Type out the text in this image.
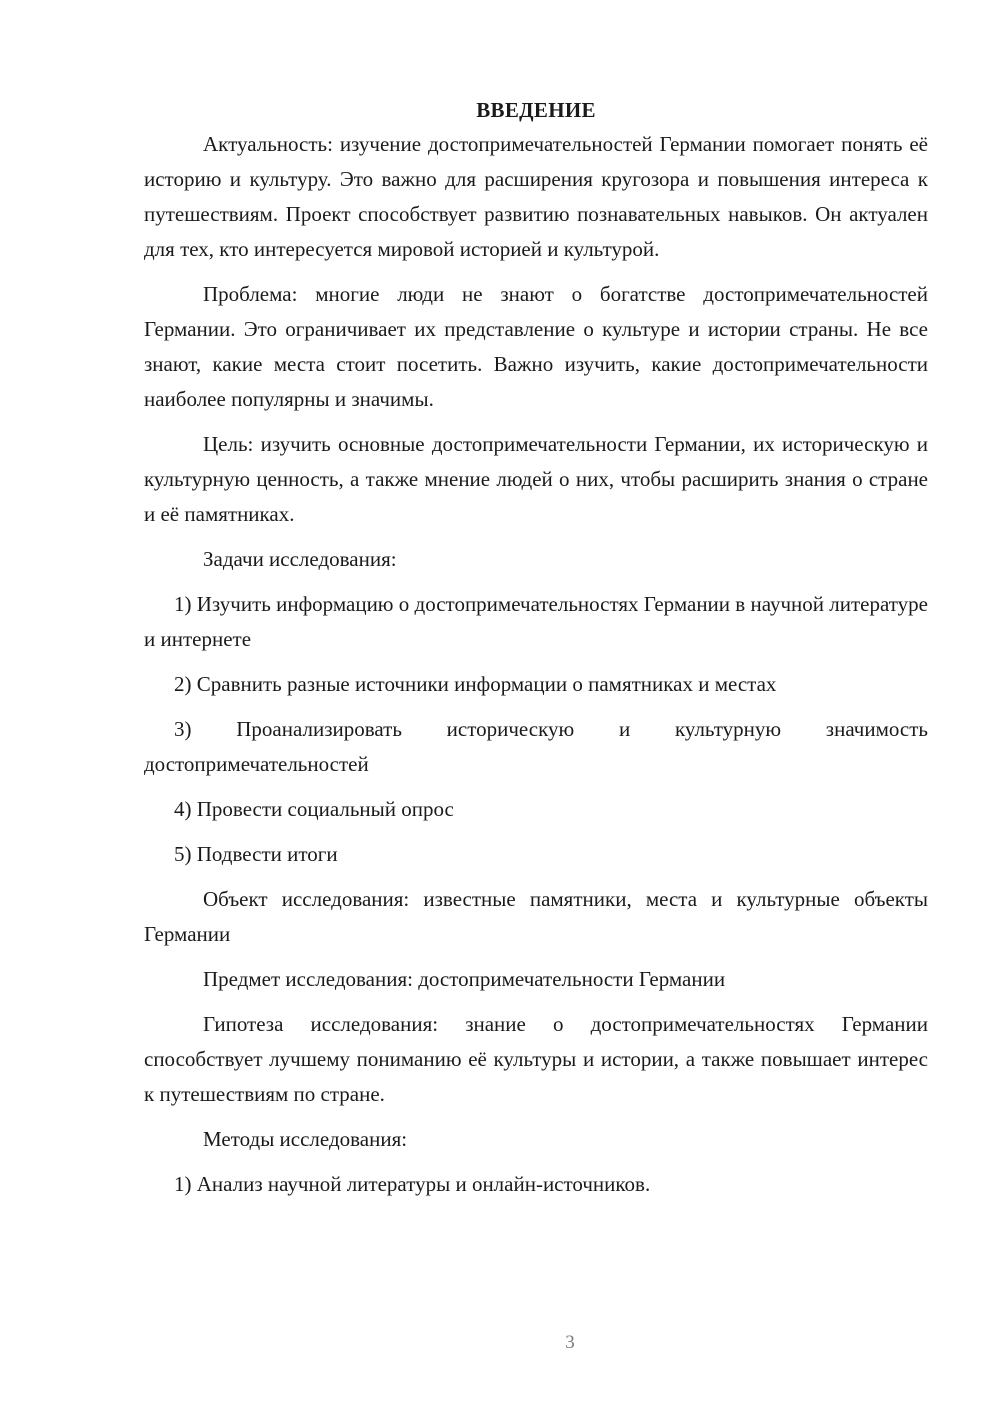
ВВЕДЕНИЕ

Актуальность: изучение достопримечательностей Германии помогает понять её историю и культуру. Это важно для расширения кругозора и повышения интереса к путешествиям. Проект способствует развитию познавательных навыков. Он актуален для тех, кто интересуется мировой историей и культурой.

Проблема: многие люди не знают о богатстве достопримечательностей Германии. Это ограничивает их представление о культуре и истории страны. Не все знают, какие места стоит посетить. Важно изучить, какие достопримечательности наиболее популярны и значимы.

Цель: изучить основные достопримечательности Германии, их историческую и культурную ценность, а также мнение людей о них, чтобы расширить знания о стране и её памятниках.

Задачи исследования:

1) Изучить информацию о достопримечательностях Германии в научной литературе и интернете

2) Сравнить разные источники информации о памятниках и местах

3) Проанализировать историческую и культурную значимость достопримечательностей

4) Провести социальный опрос

5) Подвести итоги

Объект исследования: известные памятники, места и культурные объекты Германии

Предмет исследования: достопримечательности Германии

Гипотеза исследования: знание о достопримечательностях Германии способствует лучшему пониманию её культуры и истории, а также повышает интерес к путешествиям по стране.

Методы исследования:

1) Анализ научной литературы и онлайн-источников.

3
